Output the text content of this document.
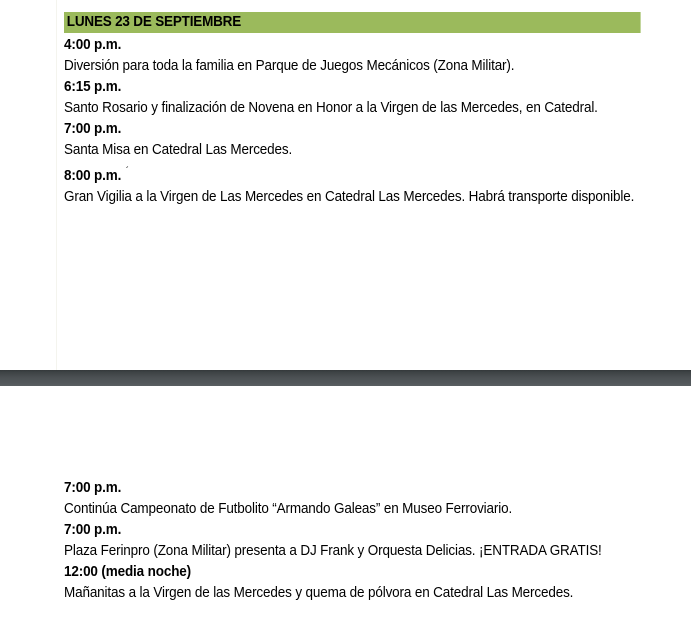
LUNES 23 DE SEPTIEMBRE
4:00 p.m.
Diversión para toda la familia en Parque de Juegos Mecánicos (Zona Militar).
6:15 p.m.
Santo Rosario y finalización de Novena en Honor a la Virgen de las Mercedes, en Catedral.
7:00 p.m.
Santa Misa en Catedral Las Mercedes.
8:00 p.m. ´
Gran Vigilia a la Virgen de Las Mercedes en Catedral Las Mercedes. Habrá transporte disponible.
7:00 p.m.
Continúa Campeonato de Futbolito “Armando Galeas” en Museo Ferroviario.
7:00 p.m.
Plaza Ferinpro (Zona Militar) presenta a DJ Frank y Orquesta Delicias. ¡ENTRADA GRATIS!
12:00 (media noche)
Mañanitas a la Virgen de las Mercedes y quema de pólvora en Catedral Las Mercedes.
